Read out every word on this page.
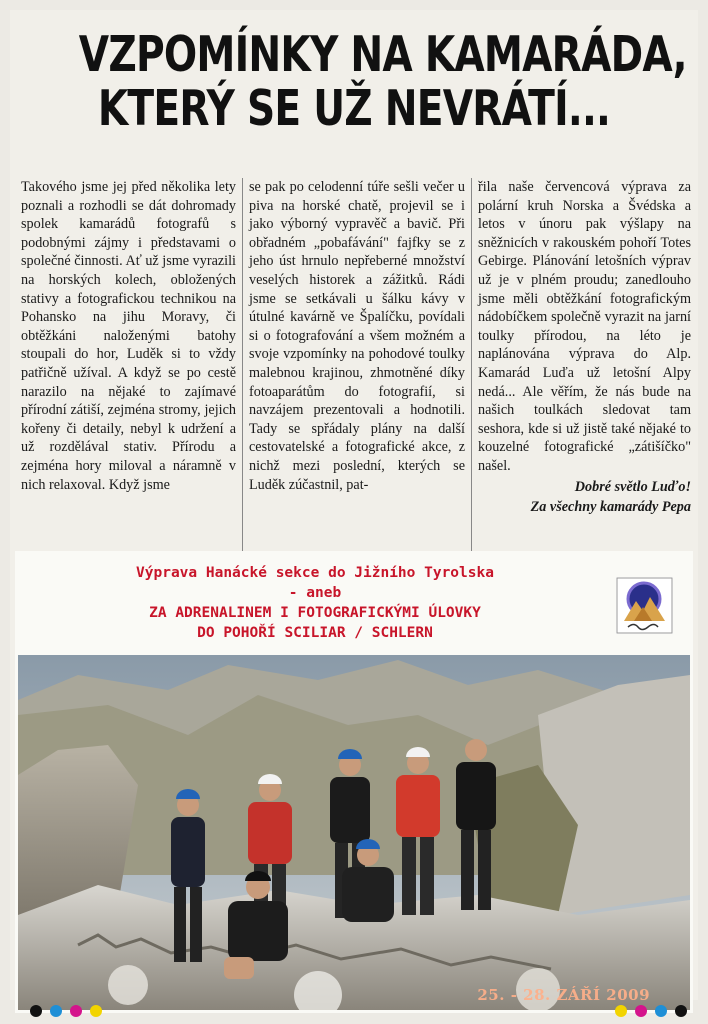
VZPOMÍNKY NA KAMARÁDA,
KTERÝ SE UŽ NEVRÁTÍ...

Takového jsme jej před několika lety poznali a rozhodli se dát dohromady spolek kamarádů fotografů s podobnými zájmy i představami o společné činnosti. Ať už jsme vyrazili na horských kolech, obložených stativy a fotografickou technikou na Pohansko na jihu Moravy, či obtěžkáni naloženými batohy stoupali do hor, Luděk si to vždy patřičně užíval. A když se po cestě narazilo na nějaké to zajímavé přírodní zátiší, zejména stromy, jejich kořeny či detaily, nebyl k udržení a už rozdělával stativ. Přírodu a zejména hory miloval a náramně v nich relaxoval. Když jsme

se pak po celodenní túře sešli večer u piva na horské chatě, projevil se i jako výborný vypravěč a bavič. Při obřadném „pobafávání" fajfky se z jeho úst hrnulo nepřeberné množství veselých historek a zážitků. Rádi jsme se setkávali u šálku kávy v útulné kavárně ve Špalíčku, povídali si o fotografování a všem možném a svoje vzpomínky na pohodové toulky malebnou krajinou, zhmotněné díky fotoaparátům do fotografií, si navzájem prezentovali a hodnotili. Tady se spřádaly plány na další cestovatelské a fotografické akce, z nichž mezi poslední, kterých se Luděk zúčastnil, pat-

řila naše červencová výprava za polární kruh Norska a Švédska a letos v únoru pak výšlapy na sněžnicích v rakouském pohoří Totes Gebirge. Plánování letošních výprav už je v plném proudu; zanedlouho jsme měli obtěžkání fotografickým nádobíčkem společně vyrazit na jarní toulky přírodou, na léto je naplánována výprava do Alp. Kamarád Luďa už letošní Alpy nedá... Ale věřím, že nás bude na našich toulkách sledovat tam seshora, kde si už jistě také nějaké to kouzelné fotografické „zátišíčko" našel.

Dobré světlo Luďo!
Za všechny kamarády Pepa
Výprava Hanácké sekce do Jižního Tyrolska
- aneb
ZA ADRENALINEM I FOTOGRAFICKÝMI ÚLOVKY
DO POHOŘÍ SCILIAR / SCHLERN
25. - 28. ZÁŘÍ 2009
